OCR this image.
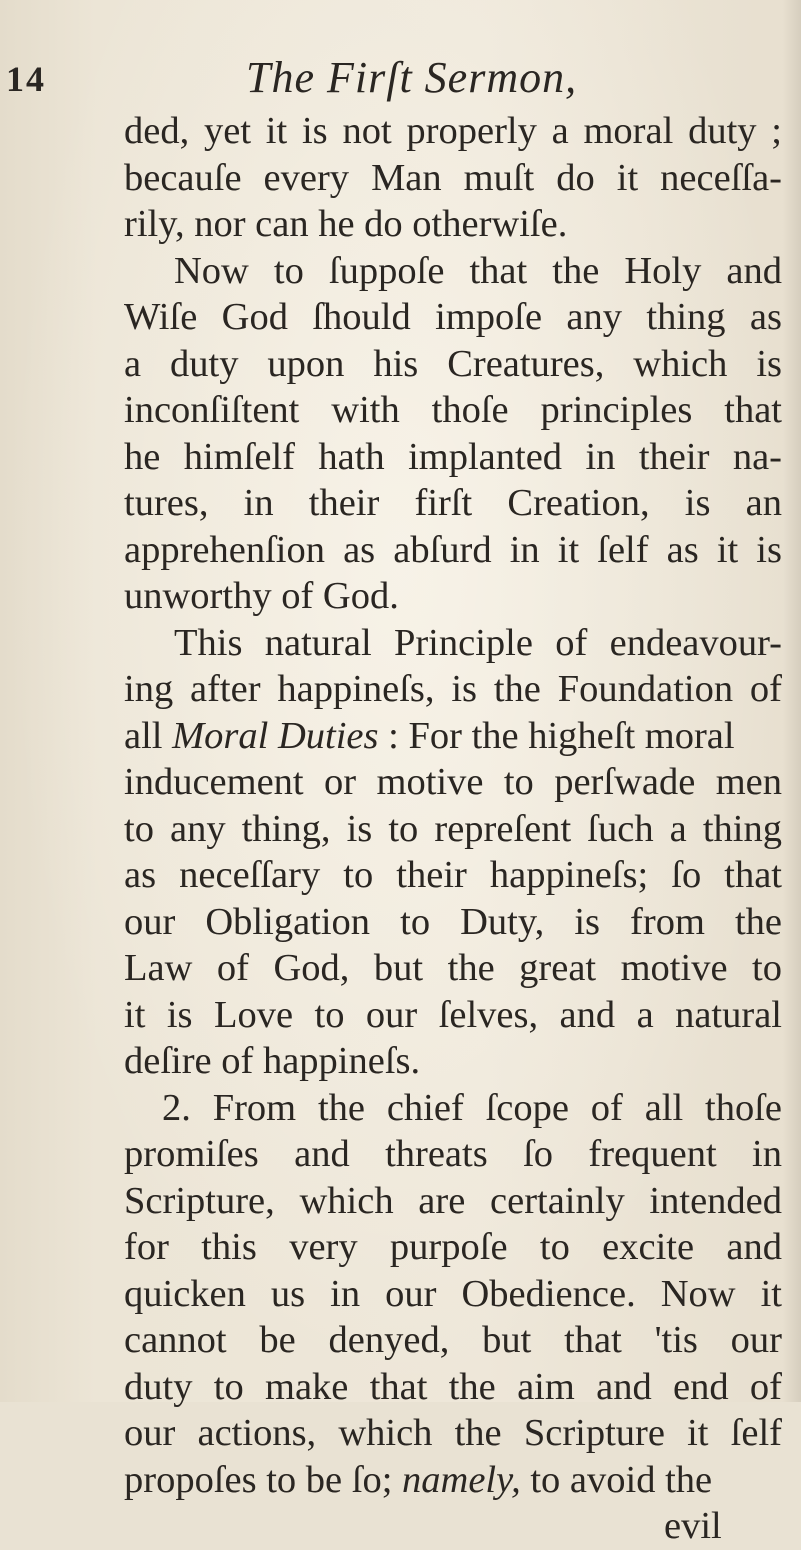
14	The Firſt Sermon,
ded, yet it is not properly a moral duty ;
becauſe every Man muſt do it neceſſa-
rily, nor can he do otherwiſe.
Now to ſuppoſe that the Holy and
Wiſe God ſhould impoſe any thing as
a duty upon his Creatures, which is
inconſiſtent with thoſe principles that
he himſelf hath implanted in their na-
tures, in their firſt Creation, is an
apprehenſion as abſurd in it ſelf as it is
unworthy of God.
This natural Principle of endeavour-
ing after happineſs, is the Foundation of
all Moral Duties : For the higheſt moral
inducement or motive to perſwade men
to any thing, is to repreſent ſuch a thing
as neceſſary to their happineſs; ſo that
our Obligation to Duty, is from the
Law of God, but the great motive to
it is Love to our ſelves, and a natural
deſire of happineſs.
2. From the chief ſcope of all thoſe
promiſes and threats ſo frequent in
Scripture, which are certainly intended
for this very purpoſe to excite and
quicken us in our Obedience. Now it
cannot be denyed, but that 'tis our
duty to make that the aim and end of
our actions, which the Scripture it ſelf
propoſes to be ſo; namely, to avoid the
evil
